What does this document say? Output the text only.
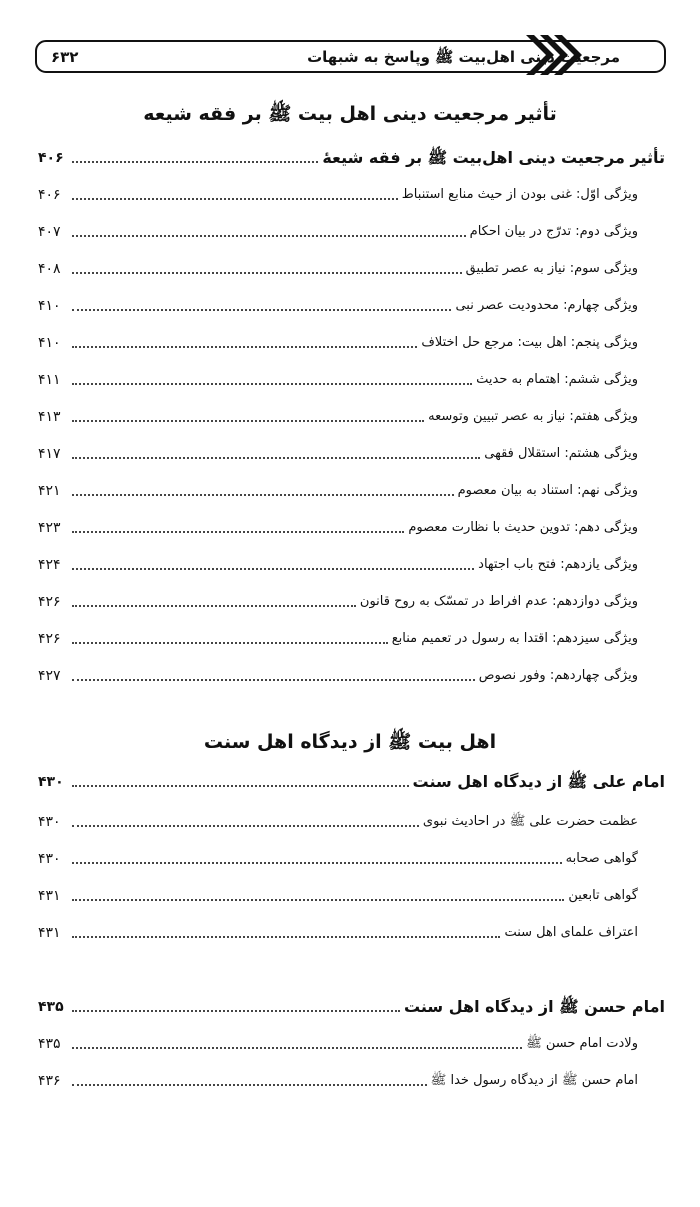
مرجعیت دینی اهل‌بیت ﷺ وپاسخ به شبهات
۶۳۲
تأثیر مرجعیت دینی اهل بیت ﷺ بر فقه شیعه
تأثیر مرجعیت دینی اهل‌بیت ﷺ بر فقه شیعهٔ
۴۰۶
ویژگی اوّل: غنی بودن از حیث منابع استنباط
۴۰۶
ویژگی دوم: تدرّج در بیان احکام
۴۰۷
ویژگی سوم: نیاز به عصر تطبیق
۴۰۸
ویژگی چهارم: محدودیت عصر نبی
۴۱۰
ویژگی پنجم: اهل بیت: مرجع حل اختلاف
۴۱۰
ویژگی ششم: اهتمام به حدیث
۴۱۱
ویژگی هفتم: نیاز به عصر تبیین وتوسعه
۴۱۳
ویژگی هشتم: استقلال فقهی
۴۱۷
ویژگی نهم: استناد به بیان معصوم
۴۲۱
ویژگی دهم: تدوین حدیث با نظارت معصوم
۴۲۳
ویژگی یازدهم: فتح باب اجتهاد
۴۲۴
ویژگی دوازدهم: عدم افراط در تمسّک به روح قانون
۴۲۶
ویژگی سیزدهم: اقتدا به رسول در تعمیم منابع
۴۲۶
ویژگی چهاردهم: وفور نصوص
۴۲۷
اهل بیت ﷺ از دیدگاه اهل سنت
امام علی ﷺ از دیدگاه اهل سنت
۴۳۰
عظمت حضرت علی ﷺ در احادیث نبوی
۴۳۰
گواهی صحابه
۴۳۰
گواهی تابعین
۴۳۱
اعتراف علمای اهل سنت
۴۳۱
امام حسن ﷺ از دیدگاه اهل سنت
۴۳۵
ولادت امام حسن ﷺ
۴۳۵
امام حسن ﷺ از دیدگاه رسول خدا ﷺ
۴۳۶
